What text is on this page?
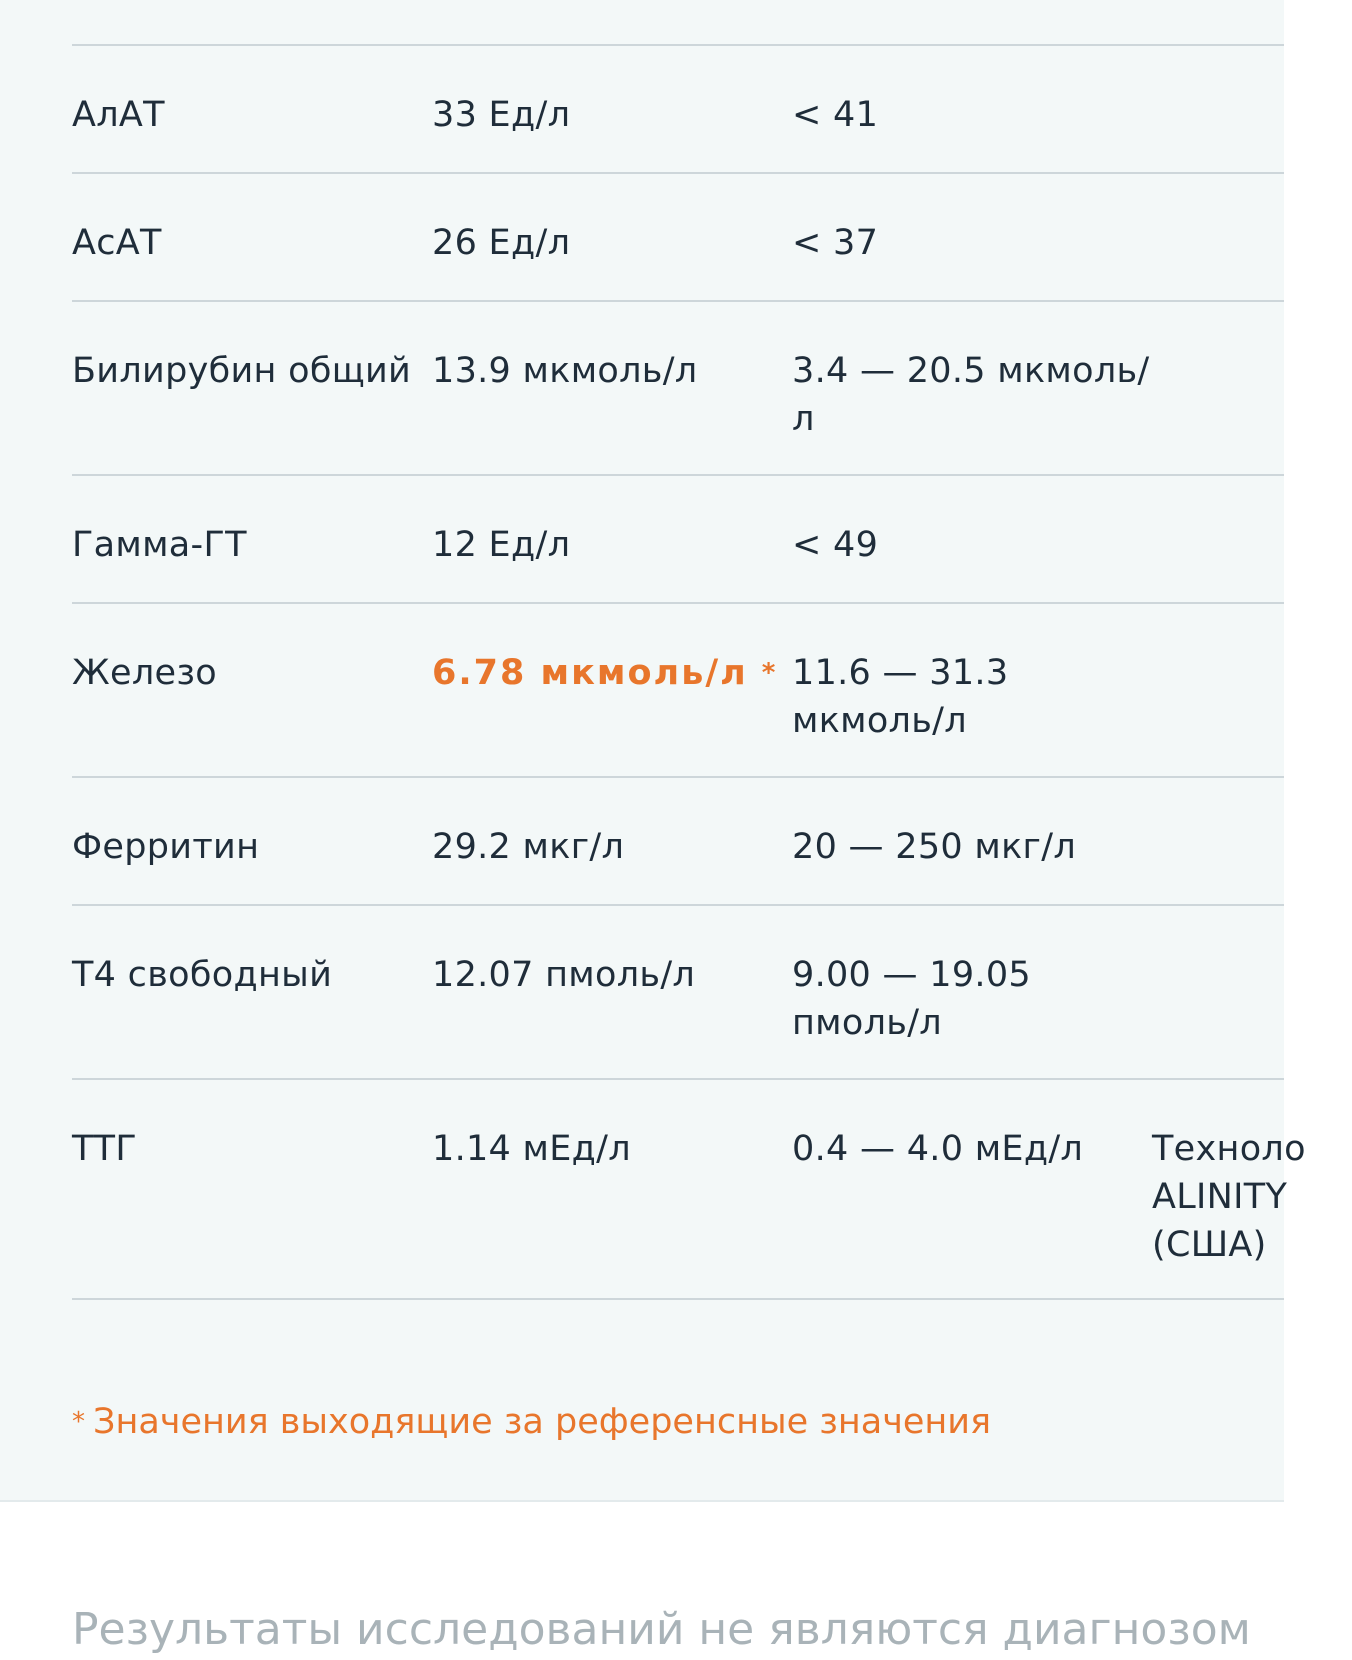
АлАТ	33 Ед/л	< 41
АсАТ	26 Ед/л	< 37
Билирубин общий 13.9 мкмоль/л	3.4 — 20.5 мкмоль/л
Гамма-ГТ	12 Ед/л	< 49
Железо	6.78 мкмоль/л * 11.6 — 31.3 мкмоль/л
Ферритин	29.2 мкг/л	20 — 250 мкг/л
Т4 свободный	12.07 пмоль/л	9.00 — 19.05 пмоль/л
ТТГ	1.14 мЕд/л	0.4 — 4.0 мЕд/л	Техноло ALINITY (США)
* Значения выходящие за референсные значения
Результаты исследований не являются диагнозом
